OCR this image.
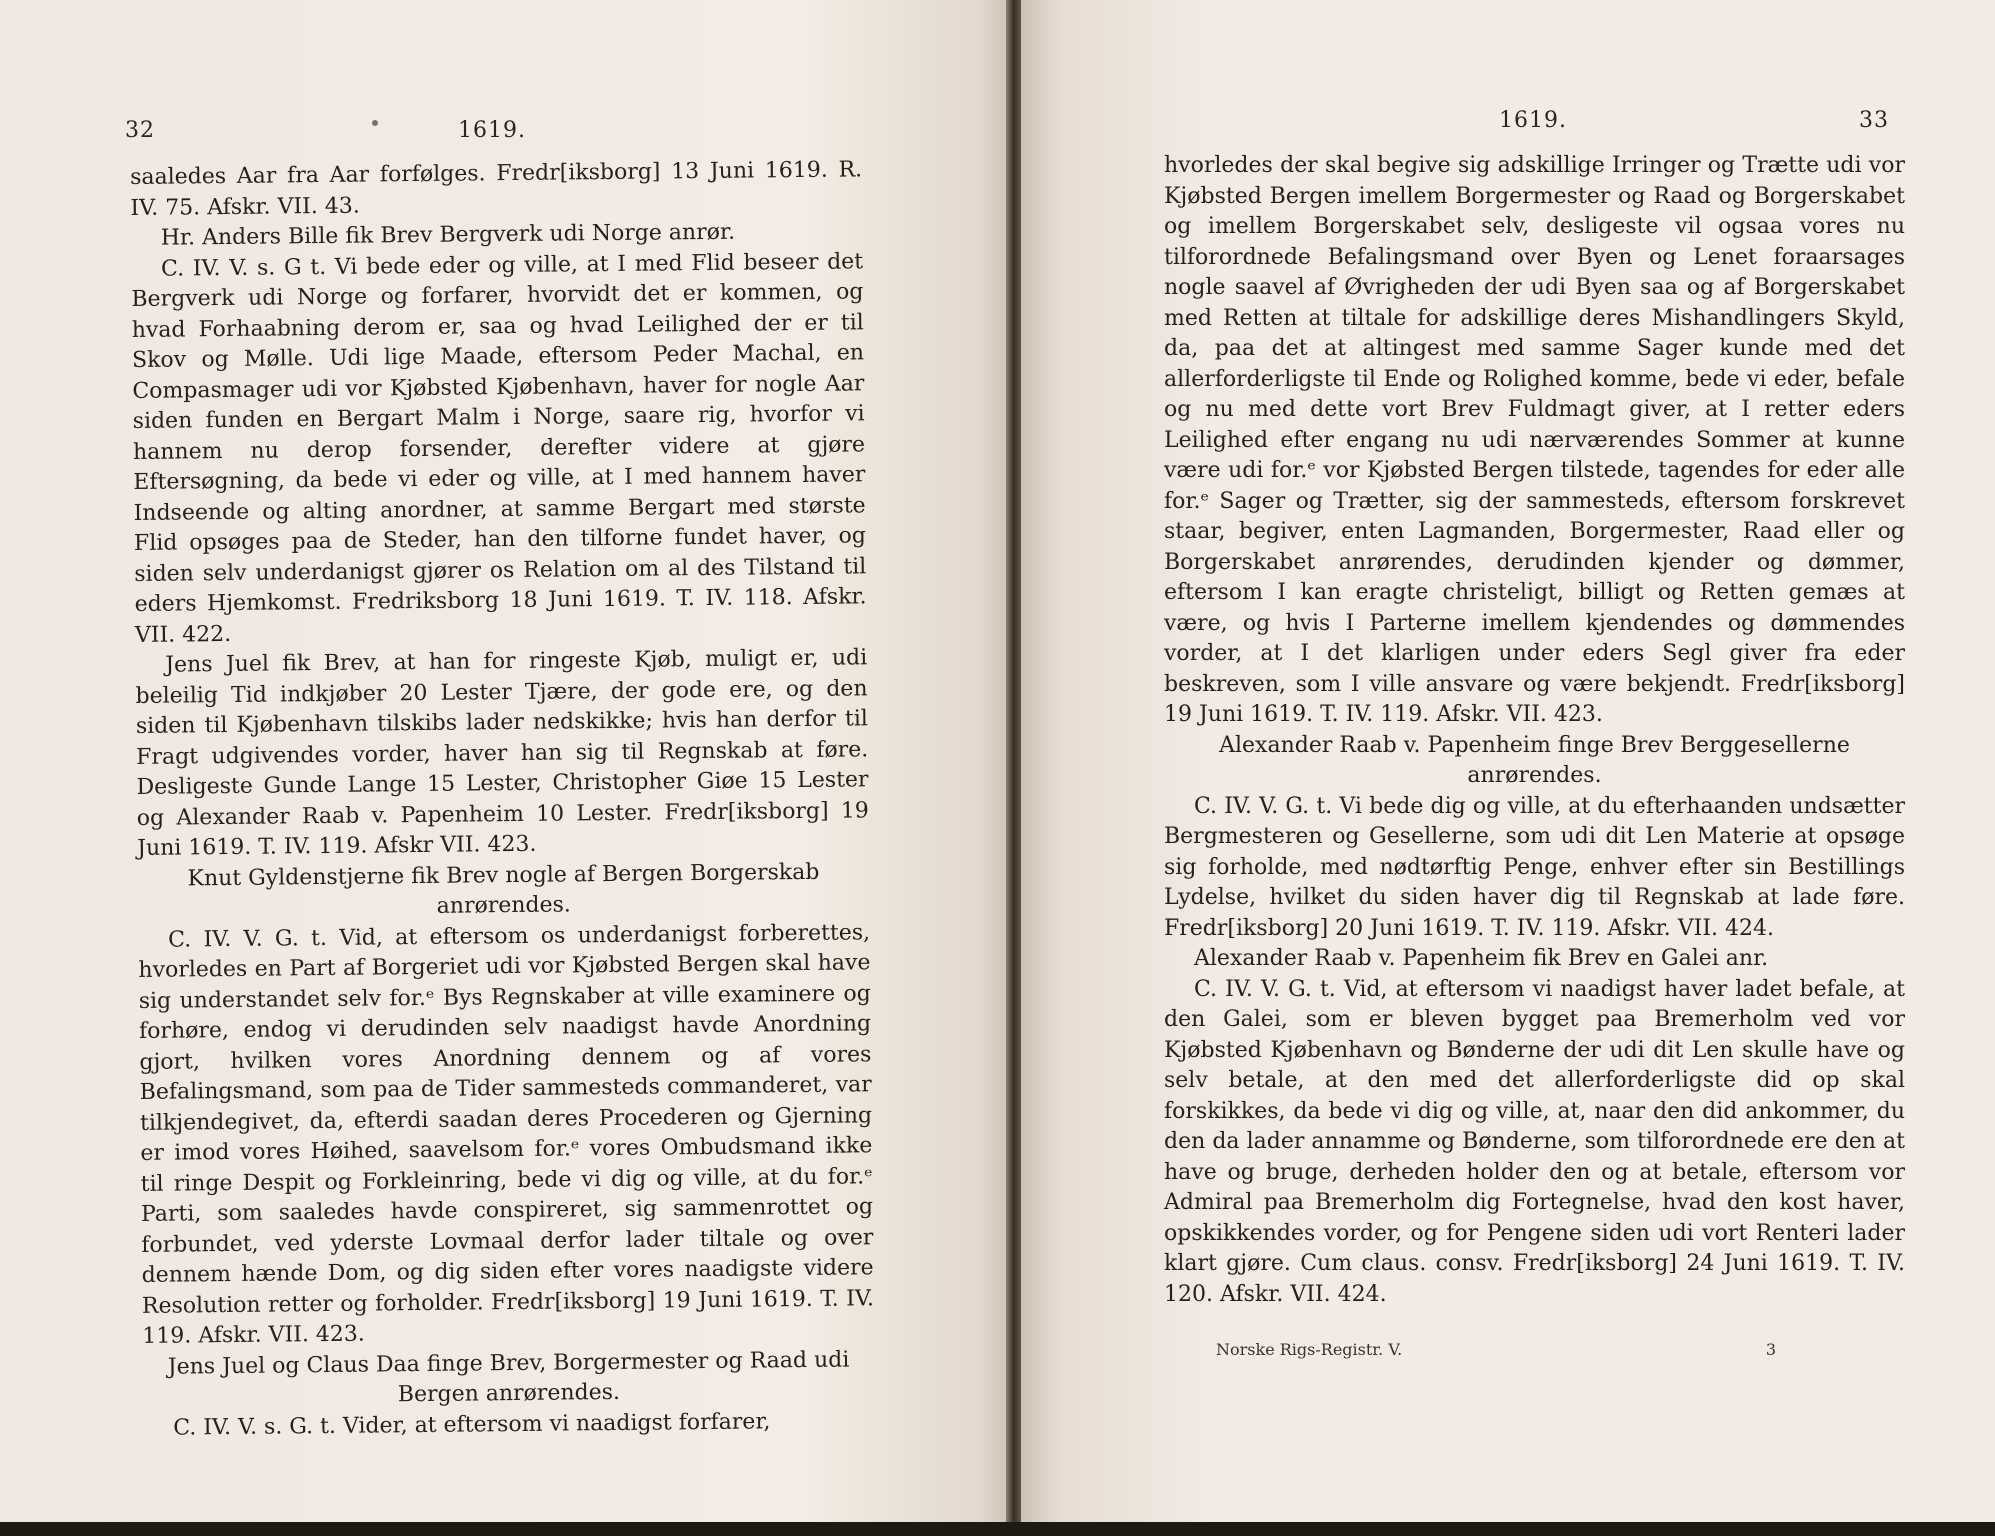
32	1619.

saaledes Aar fra Aar forfølges. Fredr[iksborg] 13 Juni 1619. R. IV. 75. Afskr. VII. 43.

Hr. Anders Bille fik Brev Bergverk udi Norge anrør.

C. IV. V. s. G t. Vi bede eder og ville, at I med Flid beseer det Bergverk udi Norge og forfarer, hvorvidt det er kommen, og hvad Forhaabning derom er, saa og hvad Leilighed der er til Skov og Mølle. Udi lige Maade, eftersom Peder Machal, en Compasmager udi vor Kjøbsted Kjøbenhavn, haver for nogle Aar siden funden en Bergart Malm i Norge, saare rig, hvorfor vi hannem nu derop forsender, derefter videre at gjøre Eftersøgning, da bede vi eder og ville, at I med hannem haver Indseende og alting anordner, at samme Bergart med største Flid opsøges paa de Steder, han den tilforne fundet haver, og siden selv underdanigst gjører os Relation om al des Tilstand til eders Hjemkomst. Fredriksborg 18 Juni 1619. T. IV. 118. Afskr. VII. 422.

Jens Juel fik Brev, at han for ringeste Kjøb, muligt er, udi beleilig Tid indkjøber 20 Lester Tjære, der gode ere, og den siden til Kjøbenhavn tilskibs lader nedskikke; hvis han derfor til Fragt udgivendes vorder, haver han sig til Regnskab at føre. Desligeste Gunde Lange 15 Lester, Christopher Giøe 15 Lester og Alexander Raab v. Papenheim 10 Lester. Fredr[iksborg] 19 Juni 1619. T. IV. 119. Afskr VII. 423.

Knut Gyldenstjerne fik Brev nogle af Bergen Borgerskab anrørendes.

C. IV. V. G. t. Vid, at eftersom os underdanigst forberettes, hvorledes en Part af Borgeriet udi vor Kjøbsted Bergen skal have sig understandet selv for.ᵉ Bys Regnskaber at ville examinere og forhøre, endog vi derudinden selv naadigst havde Anordning gjort, hvilken vores Anordning dennem og af vores Befalingsmand, som paa de Tider sammesteds commanderet, var tilkjendegivet, da, efterdi saadan deres Procederen og Gjerning er imod vores Høihed, saavelsom for.ᵉ vores Ombudsmand ikke til ringe Despit og Forkleinring, bede vi dig og ville, at du for.ᵉ Parti, som saaledes havde conspireret, sig sammenrottet og forbundet, ved yderste Lovmaal derfor lader tiltale og over dennem hænde Dom, og dig siden efter vores naadigste videre Resolution retter og forholder. Fredr[iksborg] 19 Juni 1619. T. IV. 119. Afskr. VII. 423.

Jens Juel og Claus Daa finge Brev, Borgermester og Raad udi Bergen anrørendes.

C. IV. V. s. G. t. Vider, at eftersom vi naadigst forfarer,

1619.	33

hvorledes der skal begive sig adskillige Irringer og Trætte udi vor Kjøbsted Bergen imellem Borgermester og Raad og Borgerskabet og imellem Borgerskabet selv, desligeste vil ogsaa vores nu tilforordnede Befalingsmand over Byen og Lenet foraarsages nogle saavel af Øvrigheden der udi Byen saa og af Borgerskabet med Retten at tiltale for adskillige deres Mishandlingers Skyld, da, paa det at altingest med samme Sager kunde med det allerforderligste til Ende og Rolighed komme, bede vi eder, befale og nu med dette vort Brev Fuldmagt giver, at I retter eders Leilighed efter engang nu udi nærværendes Sommer at kunne være udi for.ᵉ vor Kjøbsted Bergen tilstede, tagendes for eder alle for.ᵉ Sager og Trætter, sig der sammesteds, eftersom forskrevet staar, begiver, enten Lagmanden, Borgermester, Raad eller og Borgerskabet anrørendes, derudinden kjender og dømmer, eftersom I kan eragte christeligt, billigt og Retten gemæs at være, og hvis I Parterne imellem kjendendes og dømmendes vorder, at I det klarligen under eders Segl giver fra eder beskreven, som I ville ansvare og være bekjendt. Fredr[iksborg] 19 Juni 1619. T. IV. 119. Afskr. VII. 423.

Alexander Raab v. Papenheim finge Brev Berggesellerne anrørendes.

C. IV. V. G. t. Vi bede dig og ville, at du efterhaanden undsætter Bergmesteren og Gesellerne, som udi dit Len Materie at opsøge sig forholde, med nødtørftig Penge, enhver efter sin Bestillings Lydelse, hvilket du siden haver dig til Regnskab at lade føre. Fredr[iksborg] 20 Juni 1619. T. IV. 119. Afskr. VII. 424.

Alexander Raab v. Papenheim fik Brev en Galei anr.

C. IV. V. G. t. Vid, at eftersom vi naadigst haver ladet befale, at den Galei, som er bleven bygget paa Bremerholm ved vor Kjøbsted Kjøbenhavn og Bønderne der udi dit Len skulle have og selv betale, at den med det allerforderligste did op skal forskikkes, da bede vi dig og ville, at, naar den did ankommer, du den da lader annamme og Bønderne, som tilforordnede ere den at have og bruge, derheden holder den og at betale, eftersom vor Admiral paa Bremerholm dig Fortegnelse, hvad den kost haver, opskikkendes vorder, og for Pengene siden udi vort Renteri lader klart gjøre. Cum claus. consv. Fredr[iksborg] 24 Juni 1619. T. IV. 120. Afskr. VII. 424.

Norske Rigs-Registr. V.	3
